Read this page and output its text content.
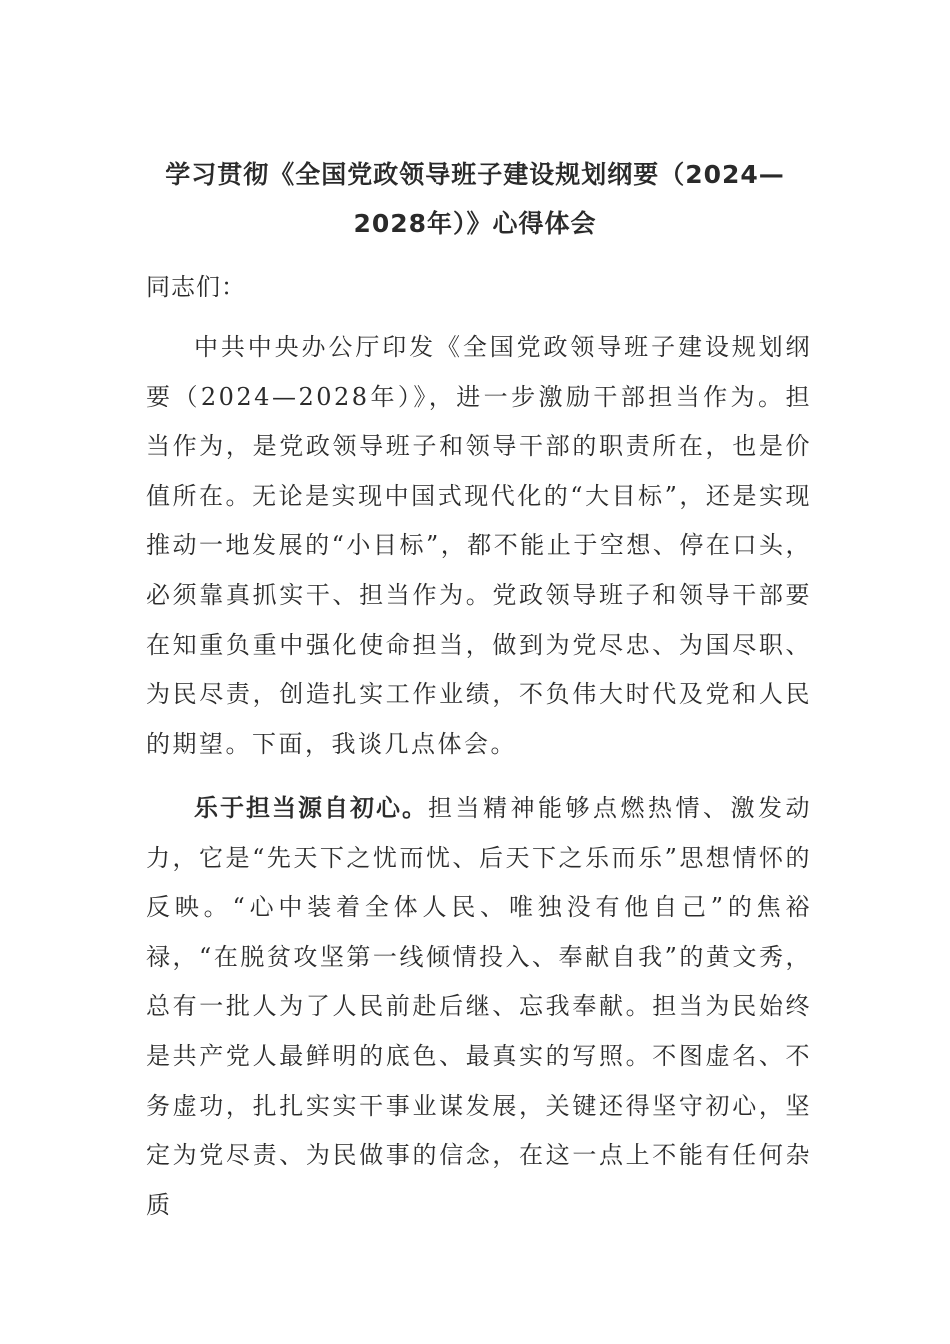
学习贯彻《全国党政领导班子建设规划纲要（2024—2028年）》心得体会

同志们：

中共中央办公厅印发《全国党政领导班子建设规划纲要（2024—2028年）》，进一步激励干部担当作为。担当作为，是党政领导班子和领导干部的职责所在，也是价值所在。无论是实现中国式现代化的“大目标”，还是实现推动一地发展的“小目标”，都不能止于空想、停在口头，必须靠真抓实干、担当作为。党政领导班子和领导干部要在知重负重中强化使命担当，做到为党尽忠、为国尽职、为民尽责，创造扎实工作业绩，不负伟大时代及党和人民的期望。下面，我谈几点体会。

乐于担当源自初心。担当精神能够点燃热情、激发动力，它是“先天下之忧而忧、后天下之乐而乐”思想情怀的反映。“心中装着全体人民、唯独没有他自己”的焦裕禄，“在脱贫攻坚第一线倾情投入、奉献自我”的黄文秀，总有一批人为了人民前赴后继、忘我奉献。担当为民始终是共产党人最鲜明的底色、最真实的写照。不图虚名、不务虚功，扎扎实实干事业谋发展，关键还得坚守初心，坚定为党尽责、为民做事的信念，在这一点上不能有任何杂质
